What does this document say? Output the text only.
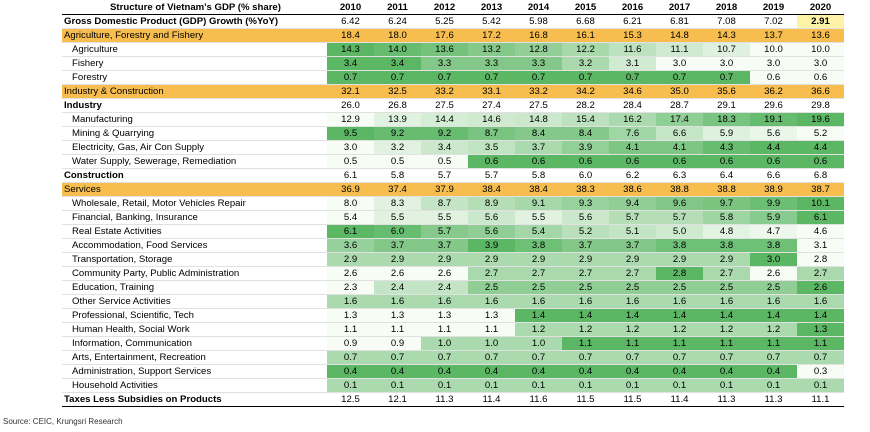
Structure of Vietnam's GDP (% share)	2010	2011	2012	2013	2014	2015	2016	2017	2018	2019	2020
Gross Domestic Product (GDP) Growth (%YoY)	6.42	6.24	5.25	5.42	5.98	6.68	6.21	6.81	7.08	7.02	2.91
Agriculture, Forestry and Fishery	18.4	18.0	17.6	17.2	16.8	16.1	15.3	14.8	14.3	13.7	13.6
Agriculture	14.3	14.0	13.6	13.2	12.8	12.2	11.6	11.1	10.7	10.0	10.0
Fishery	3.4	3.4	3.3	3.3	3.3	3.2	3.1	3.0	3.0	3.0	3.0
Forestry	0.7	0.7	0.7	0.7	0.7	0.7	0.7	0.7	0.7	0.6	0.6
Industry & Construction	32.1	32.5	33.2	33.1	33.2	34.2	34.6	35.0	35.6	36.2	36.6
Industry	26.0	26.8	27.5	27.4	27.5	28.2	28.4	28.7	29.1	29.6	29.8
Manufacturing	12.9	13.9	14.4	14.6	14.8	15.4	16.2	17.4	18.3	19.1	19.6
Mining & Quarrying	9.5	9.2	9.2	8.7	8.4	8.4	7.6	6.6	5.9	5.6	5.2
Electricity, Gas, Air Con Supply	3.0	3.2	3.4	3.5	3.7	3.9	4.1	4.1	4.3	4.4	4.4
Water Supply, Sewerage, Remediation	0.5	0.5	0.5	0.6	0.6	0.6	0.6	0.6	0.6	0.6	0.6
Construction	6.1	5.8	5.7	5.7	5.8	6.0	6.2	6.3	6.4	6.6	6.8
Services	36.9	37.4	37.9	38.4	38.4	38.3	38.6	38.8	38.8	38.9	38.7
Wholesale, Retail, Motor Vehicles Repair	8.0	8.3	8.7	8.9	9.1	9.3	9.4	9.6	9.7	9.9	10.1
Financial, Banking, Insurance	5.4	5.5	5.5	5.6	5.5	5.6	5.7	5.7	5.8	5.9	6.1
Real Estate Activities	6.1	6.0	5.7	5.6	5.4	5.2	5.1	5.0	4.8	4.7	4.6
Accommodation, Food Services	3.6	3.7	3.7	3.9	3.8	3.7	3.7	3.8	3.8	3.8	3.1
Transportation, Storage	2.9	2.9	2.9	2.9	2.9	2.9	2.9	2.9	2.9	3.0	2.8
Community Party, Public Administration	2.6	2.6	2.6	2.7	2.7	2.7	2.7	2.8	2.7	2.6	2.7
Education, Training	2.3	2.4	2.4	2.5	2.5	2.5	2.5	2.5	2.5	2.5	2.6
Other Service Activities	1.6	1.6	1.6	1.6	1.6	1.6	1.6	1.6	1.6	1.6	1.6
Professional, Scientific, Tech	1.3	1.3	1.3	1.3	1.4	1.4	1.4	1.4	1.4	1.4	1.4
Human Health, Social Work	1.1	1.1	1.1	1.1	1.2	1.2	1.2	1.2	1.2	1.2	1.3
Information, Communication	0.9	0.9	1.0	1.0	1.0	1.1	1.1	1.1	1.1	1.1	1.1
Arts, Entertainment, Recreation	0.7	0.7	0.7	0.7	0.7	0.7	0.7	0.7	0.7	0.7	0.7
Administration, Support Services	0.4	0.4	0.4	0.4	0.4	0.4	0.4	0.4	0.4	0.4	0.3
Household Activities	0.1	0.1	0.1	0.1	0.1	0.1	0.1	0.1	0.1	0.1	0.1
Taxes Less Subsidies on Products	12.5	12.1	11.3	11.4	11.6	11.5	11.5	11.4	11.3	11.3	11.1
Source: CEIC, Krungsri Research
